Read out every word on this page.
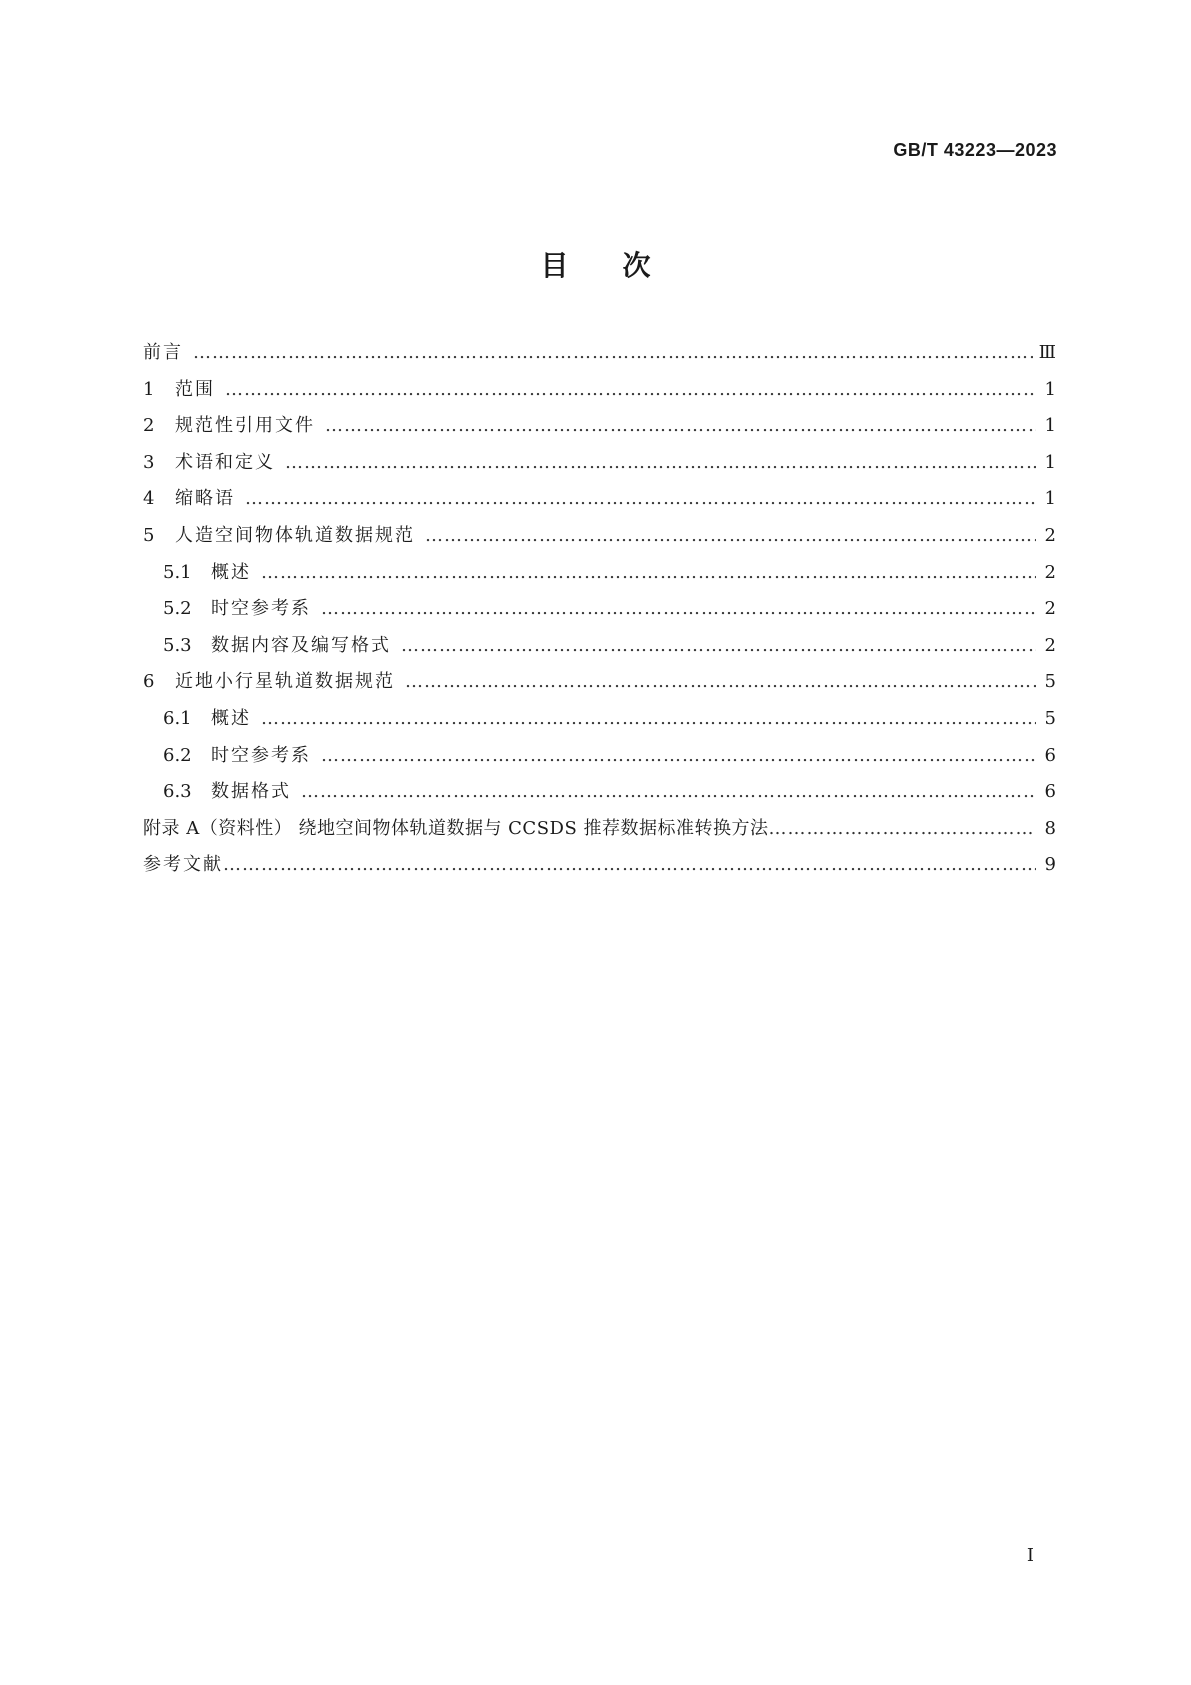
GB/T 43223—2023
目次
前言 ………………………………………………………………………………………………………………………………………………………………………………	Ⅲ
1	范围 ………………………………………………………………………………………………………………………………………………………………………………	1
2	规范性引用文件 ………………………………………………………………………………………………………………………………………………………………………………	1
3	术语和定义 ………………………………………………………………………………………………………………………………………………………………………………	1
4	缩略语 ………………………………………………………………………………………………………………………………………………………………………………	1
5	人造空间物体轨道数据规范 ………………………………………………………………………………………………………………………………………………………………………………	2
5.1	概述 ………………………………………………………………………………………………………………………………………………………………………………	2
5.2	时空参考系 ………………………………………………………………………………………………………………………………………………………………………………	2
5.3	数据内容及编写格式 ………………………………………………………………………………………………………………………………………………………………………………	2
6	近地小行星轨道数据规范 ………………………………………………………………………………………………………………………………………………………………………………	5
6.1	概述 ………………………………………………………………………………………………………………………………………………………………………………	5
6.2	时空参考系 ………………………………………………………………………………………………………………………………………………………………………………	6
6.3	数据格式 ………………………………………………………………………………………………………………………………………………………………………………	6
附录 A（资料性） 绕地空间物体轨道数据与 CCSDS 推荐数据标准转换方法 ………………………………………………………………………………………………………………………………………………………………………………	8
参考文献 ………………………………………………………………………………………………………………………………………………………………………………	9
Ⅰ
